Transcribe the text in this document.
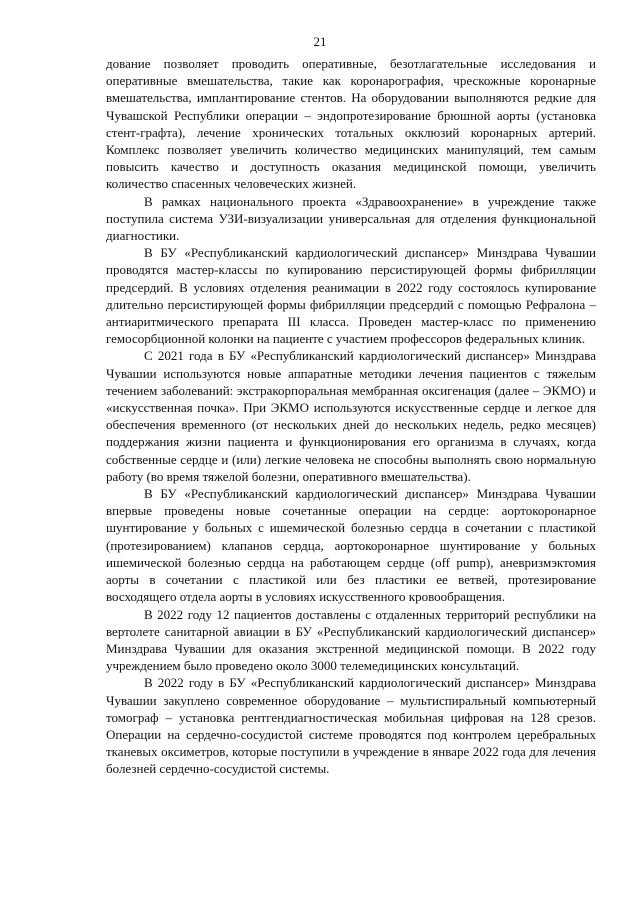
21

дование позволяет проводить оперативные, безотлагательные исследования и оперативные вмешательства, такие как коронарография, чрескожные коронарные вмешательства, имплантирование стентов. На оборудовании выполняются редкие для Чувашской Республики операции – эндопротезирование брюшной аорты (установка стент-графта), лечение хронических тотальных окклюзий коронарных артерий. Комплекс позволяет увеличить количество медицинских манипуляций, тем самым повысить качество и доступность оказания медицинской помощи, увеличить количество спасенных человеческих жизней.

В рамках национального проекта «Здравоохранение» в учреждение также поступила система УЗИ-визуализации универсальная для отделения функциональной диагностики.

В БУ «Республиканский кардиологический диспансер» Минздрава Чувашии проводятся мастер-классы по купированию персистирующей формы фибрилляции предсердий. В условиях отделения реанимации в 2022 году состоялось купирование длительно персистирующей формы фибрилляции предсердий с помощью Рефралона – антиаритмического препарата III класса. Проведен мастер-класс по применению гемосорбционной колонки на пациенте с участием профессоров федеральных клиник.

С 2021 года в БУ «Республиканский кардиологический диспансер» Минздрава Чувашии используются новые аппаратные методики лечения пациентов с тяжелым течением заболеваний: экстракорпоральная мембранная оксигенация (далее – ЭКМО) и «искусственная почка». При ЭКМО используются искусственные сердце и легкое для обеспечения временного (от нескольких дней до нескольких недель, редко месяцев) поддержания жизни пациента и функционирования его организма в случаях, когда собственные сердце и (или) легкие человека не способны выполнять свою нормальную работу (во время тяжелой болезни, оперативного вмешательства).

В БУ «Республиканский кардиологический диспансер» Минздрава Чувашии впервые проведены новые сочетанные операции на сердце: аортокоронарное шунтирование у больных с ишемической болезнью сердца в сочетании с пластикой (протезированием) клапанов сердца, аортокоронарное шунтирование у больных ишемической болезнью сердца на работающем сердце (off pump), аневризмэктомия аорты в сочетании с пластикой или без пластики ее ветвей, протезирование восходящего отдела аорты в условиях искусственного кровообращения.

В 2022 году 12 пациентов доставлены с отдаленных территорий республики на вертолете санитарной авиации в БУ «Республиканский кардиологический диспансер» Минздрава Чувашии для оказания экстренной медицинской помощи. В 2022 году учреждением было проведено около 3000 телемедицинских консультаций.

В 2022 году в БУ «Республиканский кардиологический диспансер» Минздрава Чувашии закуплено современное оборудование – мультиспиральный компьютерный томограф – установка рентгендиагностическая мобильная цифровая на 128 срезов. Операции на сердечно-сосудистой системе проводятся под контролем церебральных тканевых оксиметров, которые поступили в учреждение в январе 2022 года для лечения болезней сердечно-сосудистой системы.
